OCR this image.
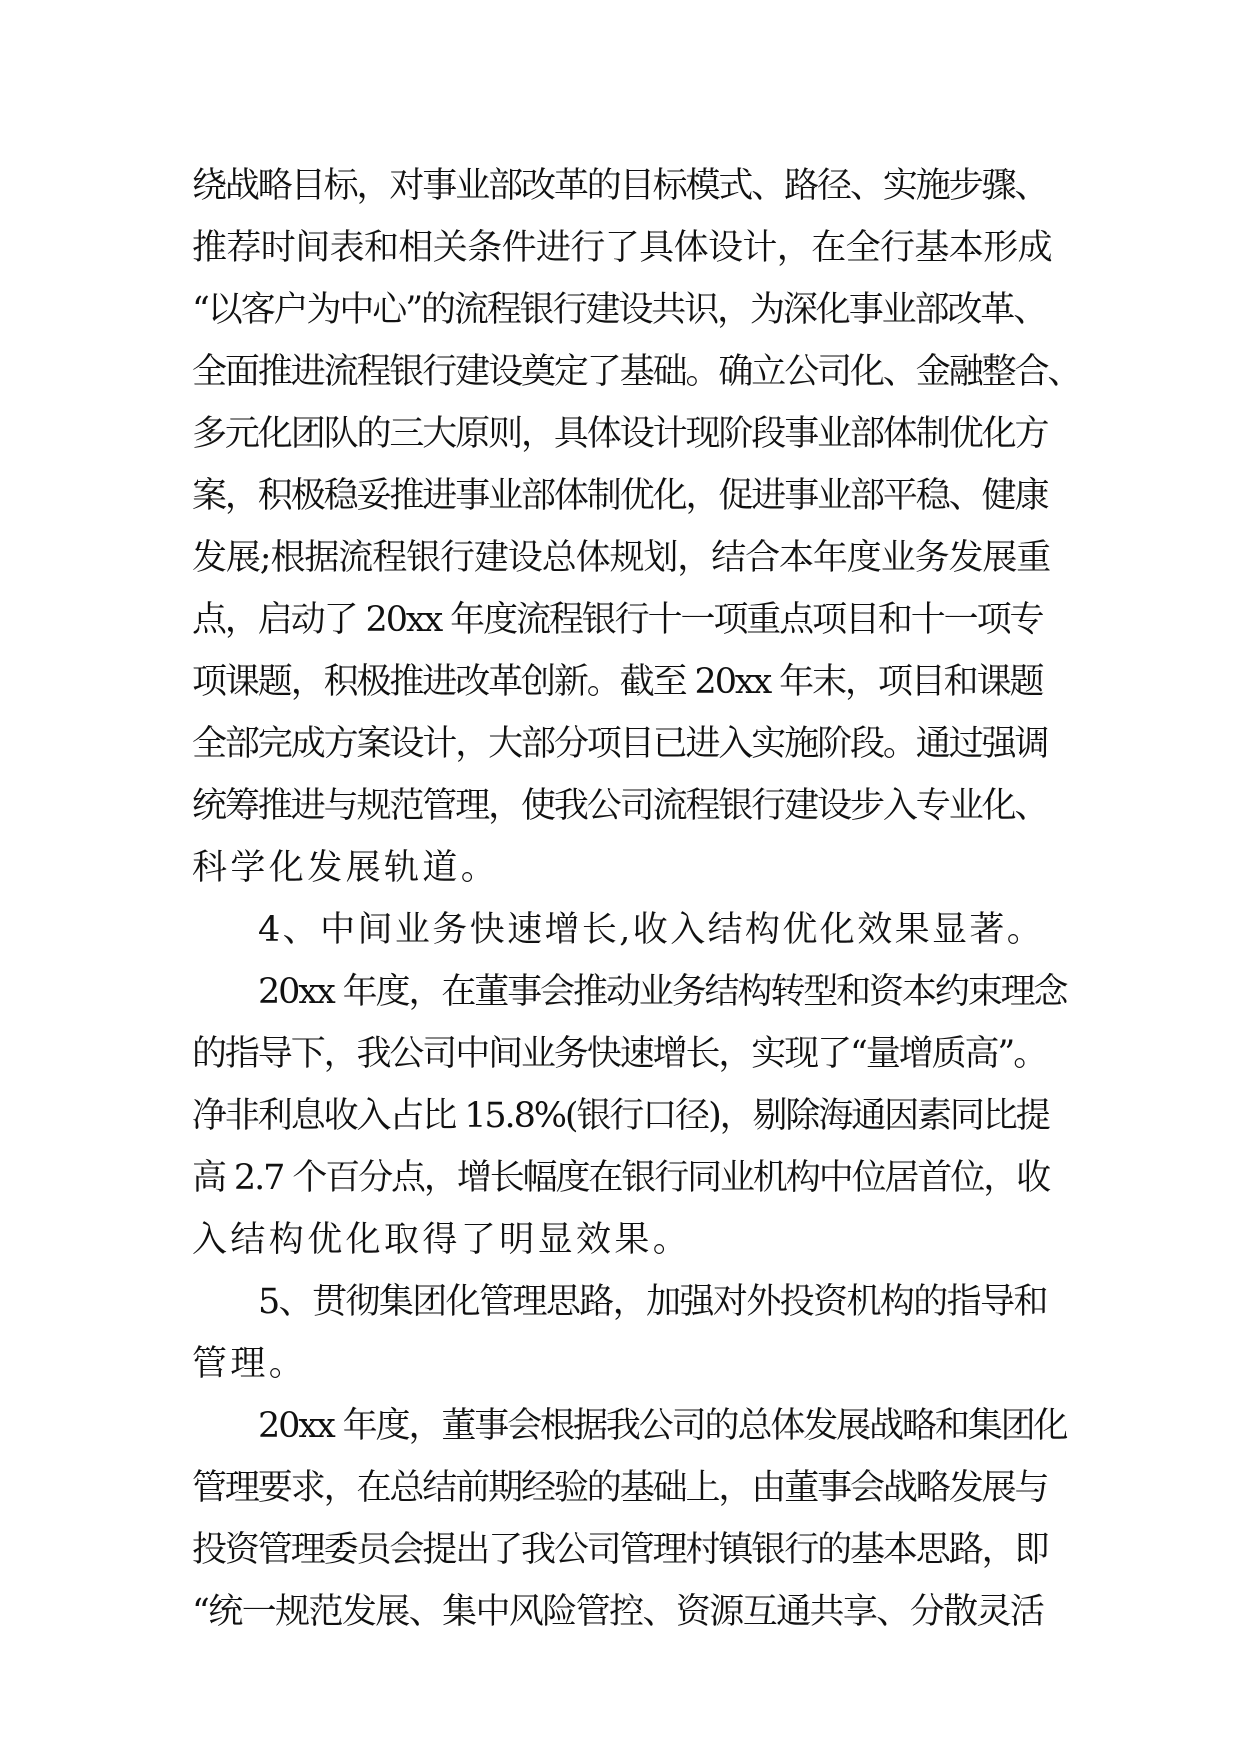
绕战略目标，对事业部改革的目标模式、路径、实施步骤、
推荐时间表和相关条件进行了具体设计，在全行基本形成
“以客户为中心”的流程银行建设共识，为深化事业部改革、
全面推进流程银行建设奠定了基础。确立公司化、金融整合、
多元化团队的三大原则，具体设计现阶段事业部体制优化方
案，积极稳妥推进事业部体制优化，促进事业部平稳、健康
发展;根据流程银行建设总体规划，结合本年度业务发展重
点，启动了 20xx 年度流程银行十一项重点项目和十一项专
项课题，积极推进改革创新。截至 20xx 年末，项目和课题
全部完成方案设计，大部分项目已进入实施阶段。通过强调
统筹推进与规范管理，使我公司流程银行建设步入专业化、
科学化发展轨道。
4、中间业务快速增长,收入结构优化效果显著。
20xx 年度，在董事会推动业务结构转型和资本约束理念
的指导下，我公司中间业务快速增长，实现了“量增质高”。
净非利息收入占比 15.8%(银行口径)，剔除海通因素同比提
高 2.7 个百分点，增长幅度在银行同业机构中位居首位，收
入结构优化取得了明显效果。
5、贯彻集团化管理思路，加强对外投资机构的指导和
管理。
20xx 年度，董事会根据我公司的总体发展战略和集团化
管理要求，在总结前期经验的基础上，由董事会战略发展与
投资管理委员会提出了我公司管理村镇银行的基本思路，即
“统一规范发展、集中风险管控、资源互通共享、分散灵活
